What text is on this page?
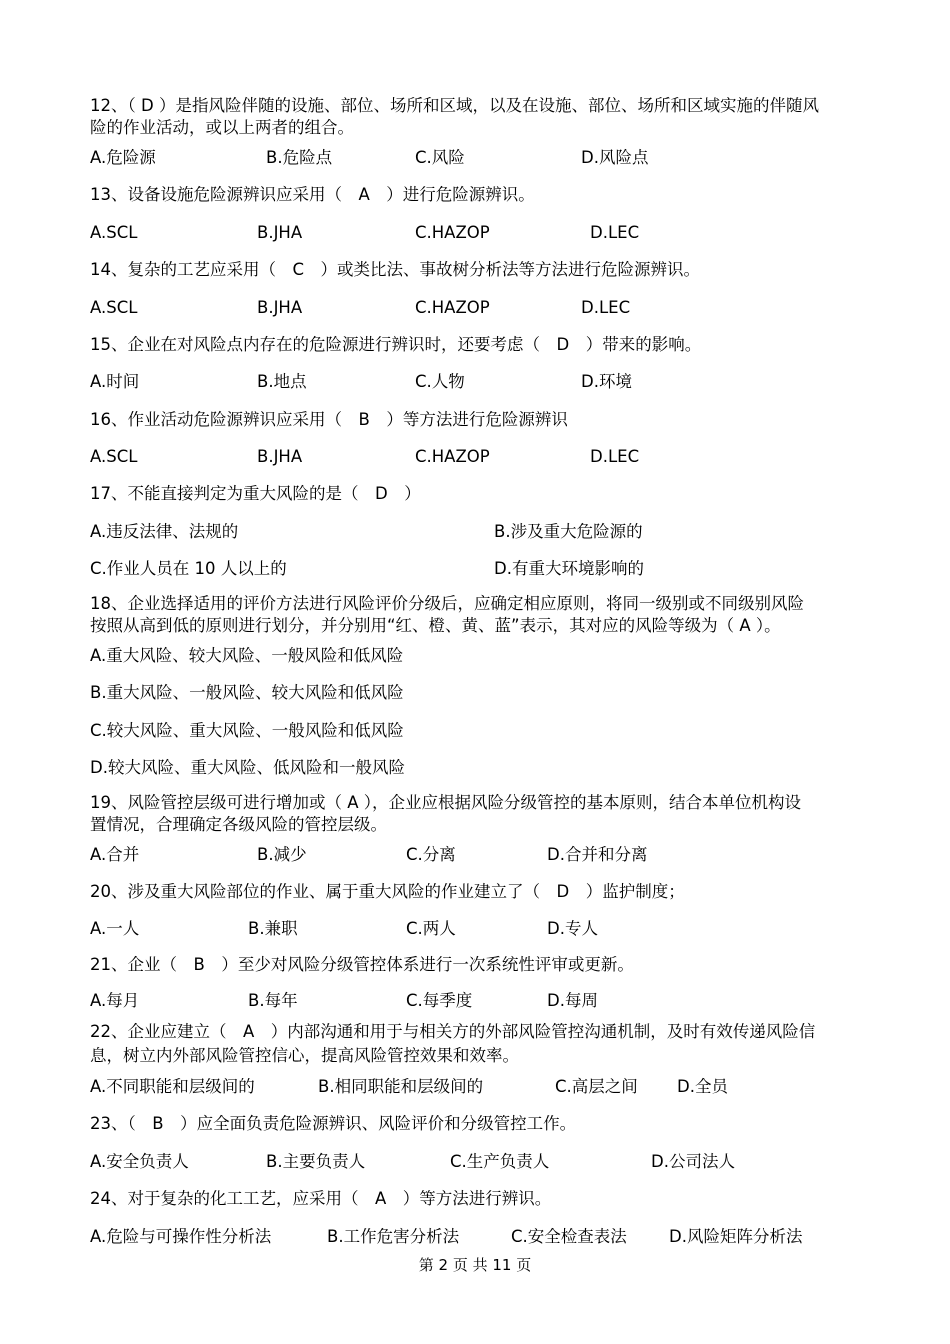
12、（ D ）是指风险伴随的设施、部位、场所和区域，以及在设施、部位、场所和区域实施的伴随风
险的作业活动，或以上两者的组合。
A.危险源	B.危险点	C.风险	D.风险点
13、设备设施危险源辨识应采用（　A　）进行危险源辨识。
A.SCL	B.JHA	C.HAZOP	D.LEC
14、复杂的工艺应采用（　C　）或类比法、事故树分析法等方法进行危险源辨识。
A.SCL	B.JHA	C.HAZOP	D.LEC
15、企业在对风险点内存在的危险源进行辨识时，还要考虑（　D　）带来的影响。
A.时间	B.地点	C.人物	D.环境
16、作业活动危险源辨识应采用（　B　）等方法进行危险源辨识
A.SCL	B.JHA	C.HAZOP	D.LEC
17、不能直接判定为重大风险的是（　D　）
A.违反法律、法规的	B.涉及重大危险源的
C.作业人员在 10 人以上的	D.有重大环境影响的
18、企业选择适用的评价方法进行风险评价分级后，应确定相应原则，将同一级别或不同级别风险
按照从高到低的原则进行划分，并分别用“红、橙、黄、蓝”表示，其对应的风险等级为（ A ）。
A.重大风险、较大风险、一般风险和低风险
B.重大风险、一般风险、较大风险和低风险
C.较大风险、重大风险、一般风险和低风险
D.较大风险、重大风险、低风险和一般风险
19、风险管控层级可进行增加或（ A ），企业应根据风险分级管控的基本原则，结合本单位机构设
置情况，合理确定各级风险的管控层级。
A.合并	B.减少	C.分离	D.合并和分离
20、涉及重大风险部位的作业、属于重大风险的作业建立了（　D　）监护制度；
A.一人	B.兼职	C.两人	D.专人
21、企业（　B　）至少对风险分级管控体系进行一次系统性评审或更新。
A.每月	B.每年	C.每季度	D.每周
22、企业应建立（　A　）内部沟通和用于与相关方的外部风险管控沟通机制，及时有效传递风险信
息，树立内外部风险管控信心，提高风险管控效果和效率。
A.不同职能和层级间的	B.相同职能和层级间的	C.高层之间 D.全员
23、（　B　）应全面负责危险源辨识、风险评价和分级管控工作。
A.安全负责人	B.主要负责人	C.生产负责人	D.公司法人
24、对于复杂的化工工艺，应采用（　A　）等方法进行辨识。
A.危险与可操作性分析法	B.工作危害分析法	C.安全检查表法	D.风险矩阵分析法
第 2 页 共 11 页
